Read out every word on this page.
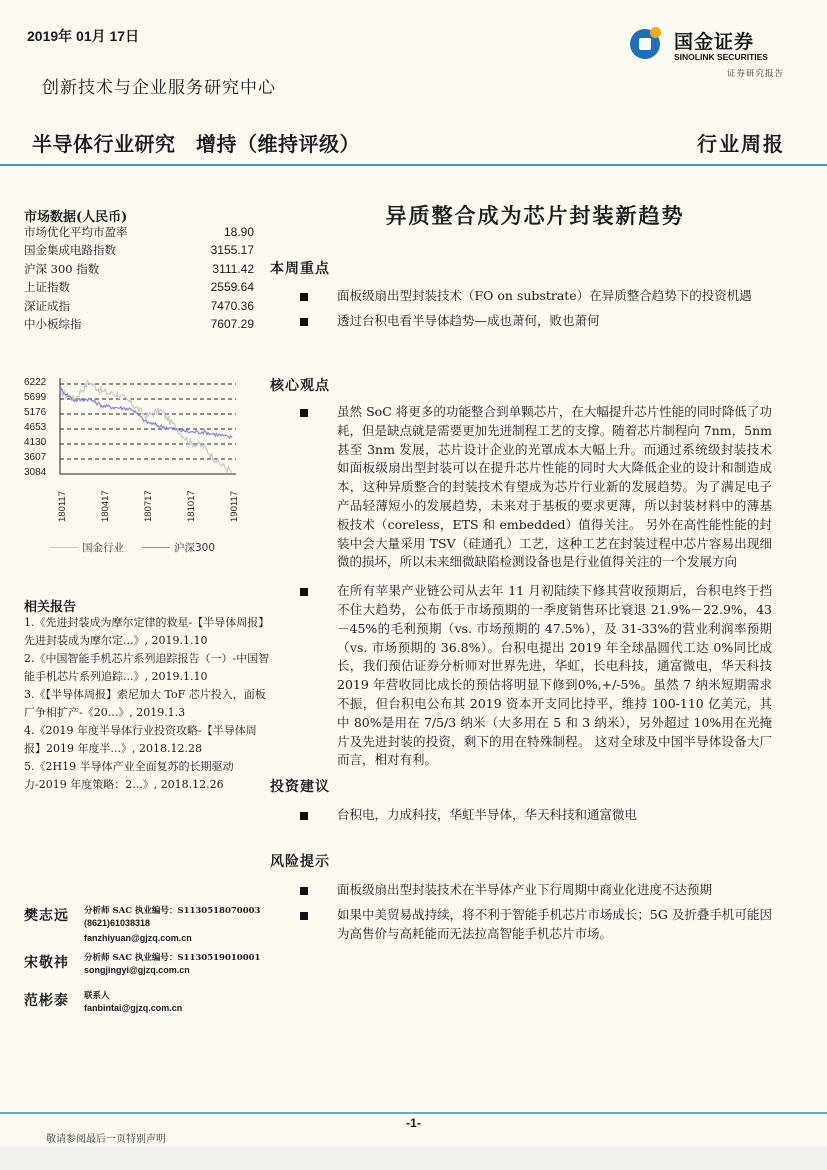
2019年 01月 17日
创新技术与企业服务研究中心
半导体行业研究　增持（维持评级）	行业周报
国金证券
SINOLINK SECURITIES
证券研究报告
市场数据(人民币)
市场优化平均市盈率	18.90
国金集成电路指数	3155.17
沪深 300 指数	3111.42
上证指数	2559.64
深证成指	7470.36
中小板综指	7607.29
6222
5699
5176
4653
4130
3607
3084
180117	180417	180717	181017	190117
国金行业	沪深300
相关报告
1.《先进封装成为摩尔定律的救星-【半导体周报】先进封装成为摩尔定...》, 2019.1.10
2.《中国智能手机芯片系列追踪报告（一）-中国智能手机芯片系列追踪...》, 2019.1.10
3.《【半导体周报】索尼加大 ToF 芯片投入，面板厂争相扩产-《20...》, 2019.1.3
4.《2019 年度半导体行业投资攻略-【半导体周报】2019 年度半...》, 2018.12.28
5.《2H19 半导体产业全面复苏的长期驱动力-2019 年度策略：2...》, 2018.12.26
樊志远	分析师 SAC 执业编号：S1130518070003
(8621)61038318
fanzhiyuan@gjzq.com.cn
宋敬祎	分析师 SAC 执业编号：S1130519010001
songjingyi@gjzq.com.cn
范彬泰	联系人
fanbintai@gjzq.com.cn
异质整合成为芯片封装新趋势
本周重点
面板级扇出型封装技术（FO on substrate）在异质整合趋势下的投资机遇
透过台积电看半导体趋势—成也萧何，败也萧何
核心观点
虽然 SoC 将更多的功能整合到单颗芯片，在大幅提升芯片性能的同时降低了功耗，但是缺点就是需要更加先进制程工艺的支撑。随着芯片制程向 7nm，5nm 甚至 3nm 发展，芯片设计企业的光罩成本大幅上升。而通过系统级封装技术如面板级扇出型封装可以在提升芯片性能的同时大大降低企业的设计和制造成本，这种异质整合的封装技术有望成为芯片行业新的发展趋势。为了满足电子产品轻薄短小的发展趋势，未来对于基板的要求更薄，所以封装材料中的薄基板技术（coreless，ETS 和 embedded）值得关注。 另外在高性能性能的封装中会大量采用 TSV（硅通孔）工艺，这种工艺在封装过程中芯片容易出现细微的损坏，所以未来细微缺陷检测设备也是行业值得关注的一个发展方向
在所有苹果产业链公司从去年 11 月初陆续下修其营收预期后，台积电终于挡不住大趋势，公布低于市场预期的一季度销售环比衰退 21.9%－22.9%，43－45%的毛利预期（vs. 市场预期的 47.5%），及 31-33%的营业利润率预期（vs. 市场预期的 36.8%）。台积电提出 2019 年全球晶圆代工达 0%同比成长，我们预估证券分析师对世界先进，华虹，长电科技，通富微电，华天科技 2019 年营收同比成长的预估将明显下修到0%,+/-5%。虽然 7 纳米短期需求不振，但台积电公布其 2019 资本开支同比持平，维持 100-110 亿美元，其中 80%是用在 7/5/3 纳米（大多用在 5 和 3 纳米），另外超过 10%用在光掩片及先进封装的投资，剩下的用在特殊制程。 这对全球及中国半导体设备大厂而言，相对有利。
投资建议
台积电，力成科技，华虹半导体，华天科技和通富微电
风险提示
面板级扇出型封装技术在半导体产业下行周期中商业化进度不达预期
如果中美贸易战持续，将不利于智能手机芯片市场成长；5G 及折叠手机可能因为高售价与高耗能而无法拉高智能手机芯片市场。
-1-
敬请参阅最后一页特别声明
